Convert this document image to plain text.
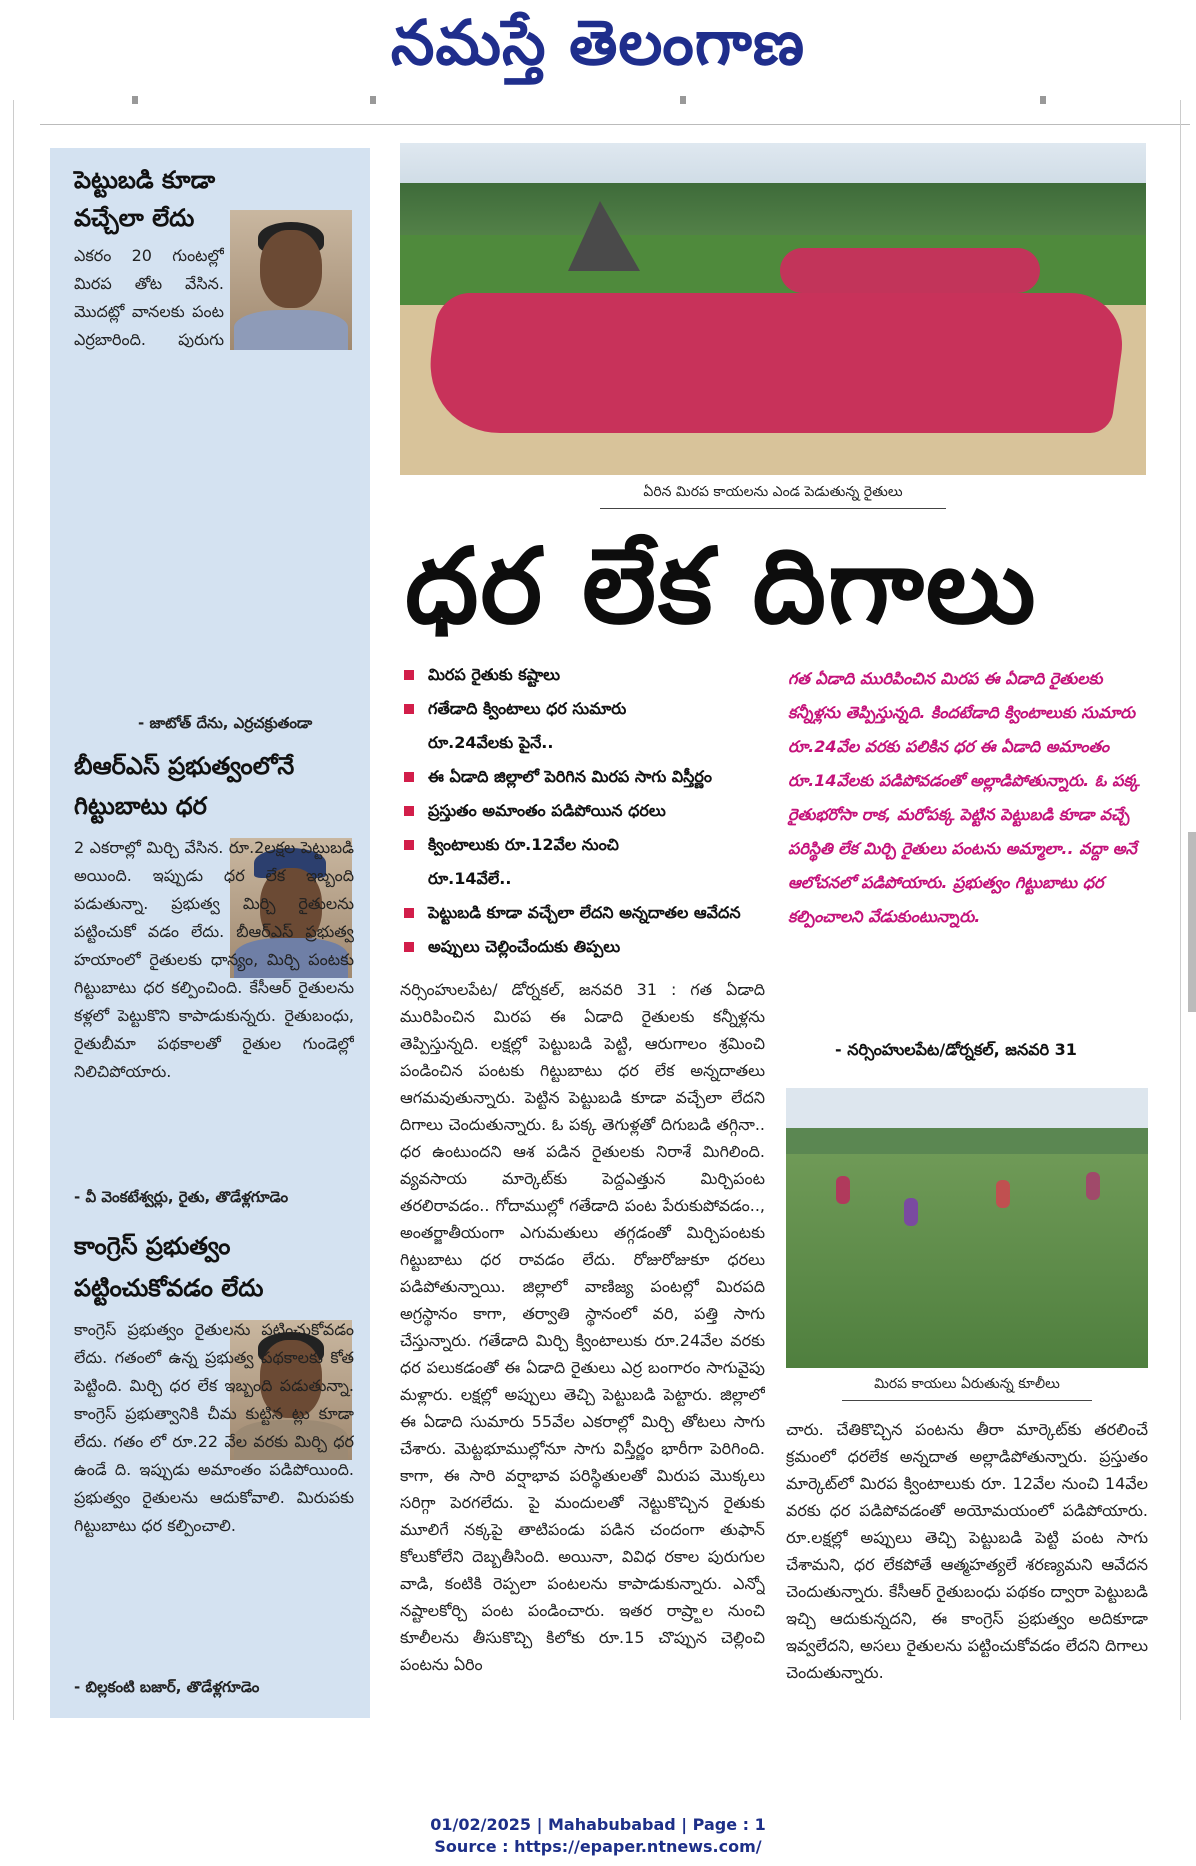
నమస్తే తెలంగాణ
పెట్టుబడి కూడా
వచ్చేలా లేదు
ఎకరం 20 గుంటల్లో మిరప తోట వేసిన. మొదట్లో వానలకు పంట ఎర్రబారింది. పురుగు
- జాటోత్ దేను, ఎర్రచక్రుతండా
బీఆర్ఎస్ ప్రభుత్వంలోనే
గిట్టుబాటు ధర
2 ఎకరాల్లో మిర్చి వేసిన. రూ.2లక్షల పెట్టుబడి అయింది. ఇప్పుడు ధర లేక ఇబ్బంది పడుతున్నా. ప్రభుత్వ మిర్చి రైతులను పట్టించుకో వడం లేదు. బీఆర్ఎస్ ప్రభుత్వ హయాంలో రైతులకు ధాన్యం, మిర్చి పంటకు గిట్టుబాటు ధర కల్పించింది. కేసీఆర్ రైతులను కళ్లలో పెట్టుకొని కాపాడుకున్నరు. రైతుబంధు, రైతుబీమా పథకాలతో రైతుల గుండెల్లో నిలిచిపోయారు.
- వీ వెంకటేశ్వర్లు, రైతు, తొడేళ్లగూడెం
కాంగ్రెస్ ప్రభుత్వం
పట్టించుకోవడం లేదు
కాంగ్రెస్ ప్రభుత్వం రైతులను పట్టించుకోవడం లేదు. గతంలో ఉన్న ప్రభుత్వ పథకాలకు కోత పెట్టింది. మిర్చి ధర లేక ఇబ్బంది పడుతున్నా. కాంగ్రెస్ ప్రభుత్వానికి చీమ కుట్టిన ట్లు కూడా లేదు. గతం లో రూ.22 వేల వరకు మిర్చి ధర ఉండే ది. ఇప్పుడు అమాంతం పడిపోయింది. ప్రభుత్వం రైతులను ఆదుకోవాలి. మిరుపకు గిట్టుబాటు ధర కల్పించాలి.
- బిల్లకంటి బజార్, తొడేళ్లగూడెం
ఏరిన మిరప కాయలను ఎండ పెడుతున్న రైతులు
ధర లేక దిగాలు
మిరప రైతుకు కష్టాలు
గతేడాది క్వింటాలు ధర సుమారు
రూ.24వేలకు పైనే..
ఈ ఏడాది జిల్లాలో పెరిగిన మిరప సాగు విస్తీర్ణం
ప్రస్తుతం అమాంతం పడిపోయిన ధరలు
క్వింటాలుకు రూ.12వేల నుంచి
రూ.14వేలే..
పెట్టుబడి కూడా వచ్చేలా లేదని అన్నదాతల ఆవేదన
అప్పులు చెల్లించేందుకు తిప్పలు
గత ఏడాది మురిపించిన మిరప ఈ ఏడాది రైతులకు కన్నీళ్లను తెప్పిస్తున్నది. కిందటేడాది క్వింటాలుకు సుమారు రూ.24వేల వరకు పలికిన ధర ఈ ఏడాది అమాంతం రూ.14వేలకు పడిపోవడంతో అల్లాడిపోతున్నారు. ఓ పక్క రైతుభరోసా రాక, మరోపక్క పెట్టిన పెట్టుబడి కూడా వచ్చే పరిస్థితి లేక మిర్చి రైతులు పంటను అమ్మాలా.. వద్దా అనే ఆలోచనలో పడిపోయారు. ప్రభుత్వం గిట్టుబాటు ధర కల్పించాలని వేడుకుంటున్నారు.
- నర్సింహులపేట/డోర్నకల్, జనవరి 31
నర్సింహులపేట/ డోర్నకల్, జనవరి 31 : గత ఏడాది మురిపించిన మిరప ఈ ఏడాది రైతులకు కన్నీళ్లను తెప్పిస్తున్నది. లక్షల్లో పెట్టుబడి పెట్టి, ఆరుగాలం శ్రమించి పండించిన పంటకు గిట్టుబాటు ధర లేక అన్నదాతలు ఆగమవుతున్నారు. పెట్టిన పెట్టుబడి కూడా వచ్చేలా లేదని దిగాలు చెందుతున్నారు. ఓ పక్క తెగుళ్లతో దిగుబడి తగ్గినా.. ధర ఉంటుందని ఆశ పడిన రైతులకు నిరాశే మిగిలింది. వ్యవసాయ మార్కెట్‌కు పెద్దఎత్తున మిర్చిపంట తరలిరావడం.. గోదాముల్లో గతేడాది పంట పేరుకుపోవడం.., అంతర్జాతీయంగా ఎగుమతులు తగ్గడంతో మిర్చిపంటకు గిట్టుబాటు ధర రావడం లేదు. రోజురోజుకూ ధరలు పడిపోతున్నాయి. జిల్లాలో వాణిజ్య పంటల్లో మిరపది అగ్రస్థానం కాగా, తర్వాతి స్థానంలో వరి, పత్తి సాగు చేస్తున్నారు. గతేడాది మిర్చి క్వింటాలుకు రూ.24వేల వరకు ధర పలుకడంతో ఈ ఏడాది రైతులు ఎర్ర బంగారం సాగువైపు మళ్లారు. లక్షల్లో అప్పులు తెచ్చి పెట్టుబడి పెట్టారు. జిల్లాలో ఈ ఏడాది సుమారు 55వేల ఎకరాల్లో మిర్చి తోటలు సాగు చేశారు. మెట్టభూముల్లోనూ సాగు విస్తీర్ణం భారీగా పెరిగింది. కాగా, ఈ సారి వర్షాభావ పరిస్థితులతో మిరుప మొక్కలు సరిగ్గా పెరగలేదు. పై మందులతో నెట్టుకొచ్చిన రైతుకు మూలిగే నక్కపై తాటిపండు పడిన చందంగా తుఫాన్ కోలుకోలేని దెబ్బతీసింది. అయినా, వివిధ రకాల పురుగుల వాడి, కంటికి రెప్పలా పంటలను కాపాడుకున్నారు. ఎన్నో నష్టాలకోర్చి పంట పండించారు. ఇతర రాష్ర్టాల నుంచి కూలీలను తీసుకొచ్చి కిలోకు రూ.15 చొప్పున చెల్లించి పంటను ఏరిం
మిరప కాయలు ఏరుతున్న కూలీలు
చారు. చేతికొచ్చిన పంటను తీరా మార్కెట్‌కు తరలించే క్రమంలో ధరలేక అన్నదాత అల్లాడిపోతున్నారు. ప్రస్తుతం మార్కెట్‌లో మిరప క్వింటాలుకు రూ. 12వేల నుంచి 14వేల వరకు ధర పడిపోవడంతో అయోమయంలో పడిపోయారు. రూ.లక్షల్లో అప్పులు తెచ్చి పెట్టుబడి పెట్టి పంట సాగు చేశామని, ధర లేకపోతే ఆత్మహత్యలే శరణ్యమని ఆవేదన చెందుతున్నారు. కేసీఆర్ రైతుబంధు పథకం ద్వారా పెట్టుబడి ఇచ్చి ఆదుకున్నదని, ఈ కాంగ్రెస్ ప్రభుత్వం అదికూడా ఇవ్వలేదని, అసలు రైతులను పట్టించుకోవడం లేదని దిగాలు చెందుతున్నారు.
01/02/2025 | Mahabubabad | Page : 1
Source : https://epaper.ntnews.com/
